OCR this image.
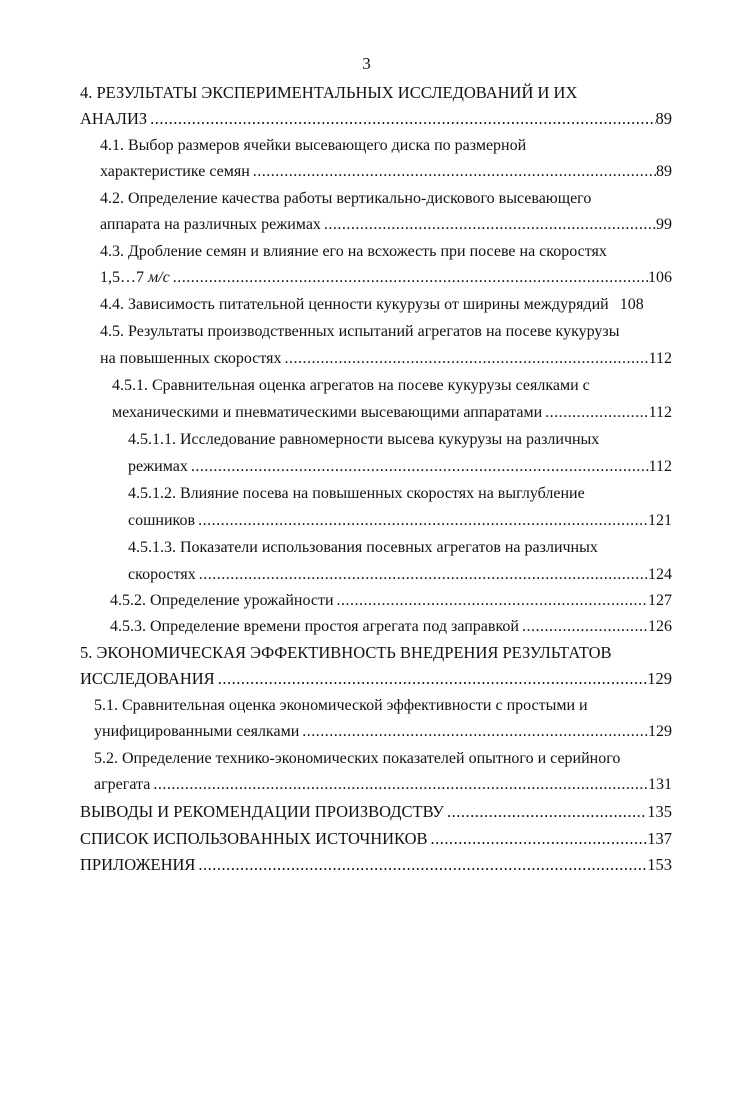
3
4. РЕЗУЛЬТАТЫ ЭКСПЕРИМЕНТАЛЬНЫХ ИССЛЕДОВАНИЙ И ИХ
АНАЛИЗ .....	89
4.1. Выбор размеров ячейки высевающего диска по размерной
характеристике семян .....	89
4.2. Определение качества работы вертикально-дискового высевающего
аппарата на различных режимах .....	99
4.3. Дробление семян и влияние его на всхожесть при посеве на скоростях
1,5…7 м/с .....	106
4.4. Зависимость питательной ценности кукурузы от ширины междурядий 108
4.5. Результаты производственных испытаний агрегатов на посеве кукурузы
на повышенных скоростях .....	112
4.5.1. Сравнительная оценка агрегатов на посеве кукурузы сеялками с
механическими и пневматическими высевающими аппаратами .....	112
4.5.1.1. Исследование равномерности высева кукурузы на различных
режимах .....	112
4.5.1.2. Влияние посева на повышенных скоростях на выглубление
сошников .....	121
4.5.1.3. Показатели использования посевных агрегатов на различных
скоростях .....	124
4.5.2. Определение урожайности .....	127
4.5.3. Определение времени простоя агрегата под заправкой .....	126
5. ЭКОНОМИЧЕСКАЯ ЭФФЕКТИВНОСТЬ ВНЕДРЕНИЯ РЕЗУЛЬТАТОВ
ИССЛЕДОВАНИЯ .....	129
5.1. Сравнительная оценка экономической эффективности с простыми и
унифицированными сеялками .....	129
5.2. Определение технико-экономических показателей опытного и серийного
агрегата .....	131
ВЫВОДЫ И РЕКОМЕНДАЦИИ ПРОИЗВОДСТВУ .....	135
СПИСОК ИСПОЛЬЗОВАННЫХ ИСТОЧНИКОВ .....	137
ПРИЛОЖЕНИЯ .....	153
